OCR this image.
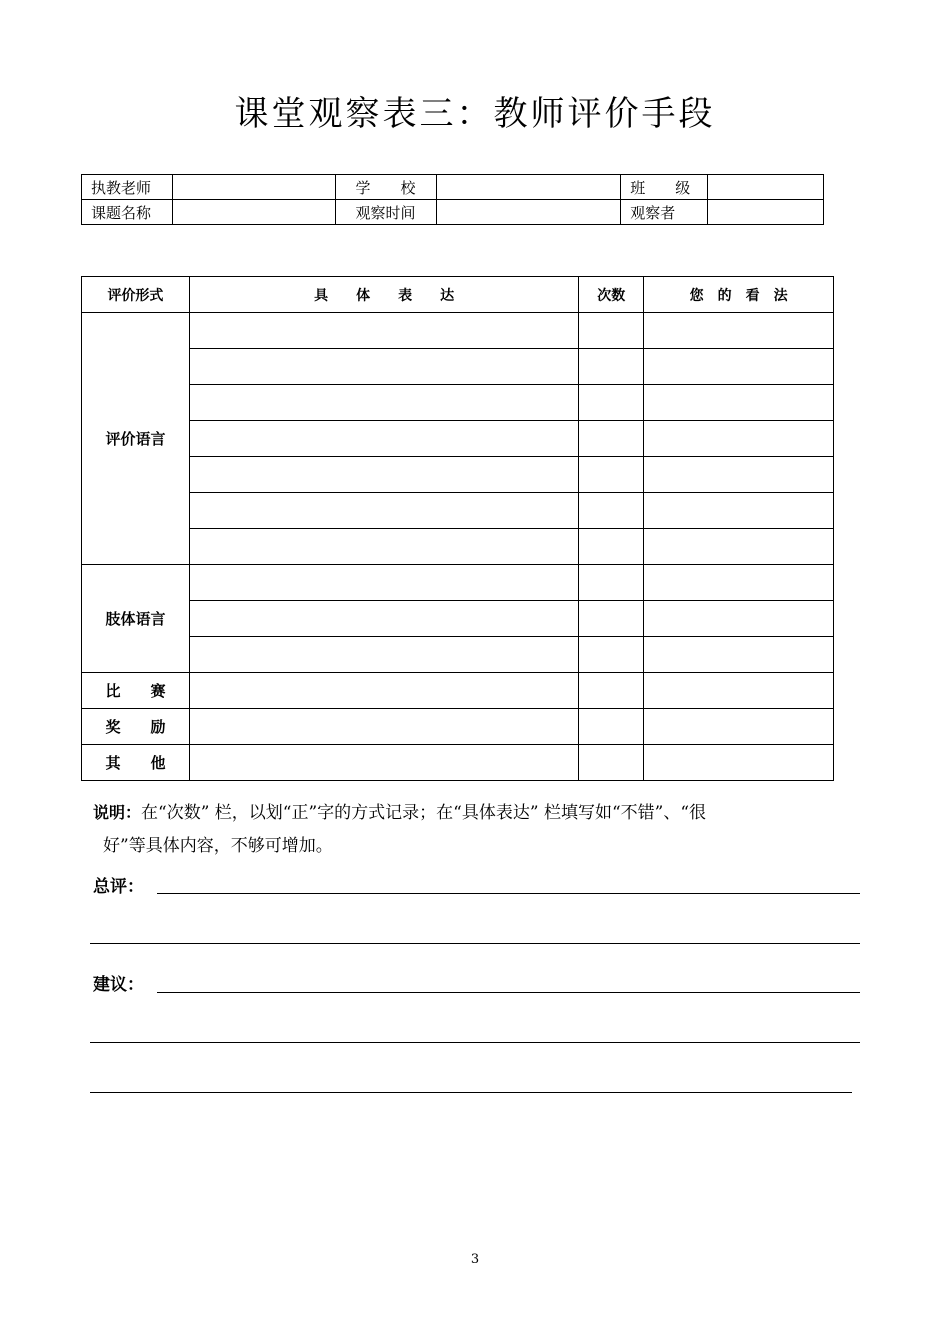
课堂观察表三：教师评价手段
执教老师		学　　校		班　　级	
课题名称		观察时间		观察者	
评价形式	具　　体　　表　　达	次数	您　的　看　法
评价语言			

肢体语言			

比　　赛			
奖　　励			
其　　他			
说明：在“次数” 栏，以划“正”字的方式记录；在“具体表达” 栏填写如“不错”、“很
好”等具体内容，不够可增加。
总评：
建议：
3
